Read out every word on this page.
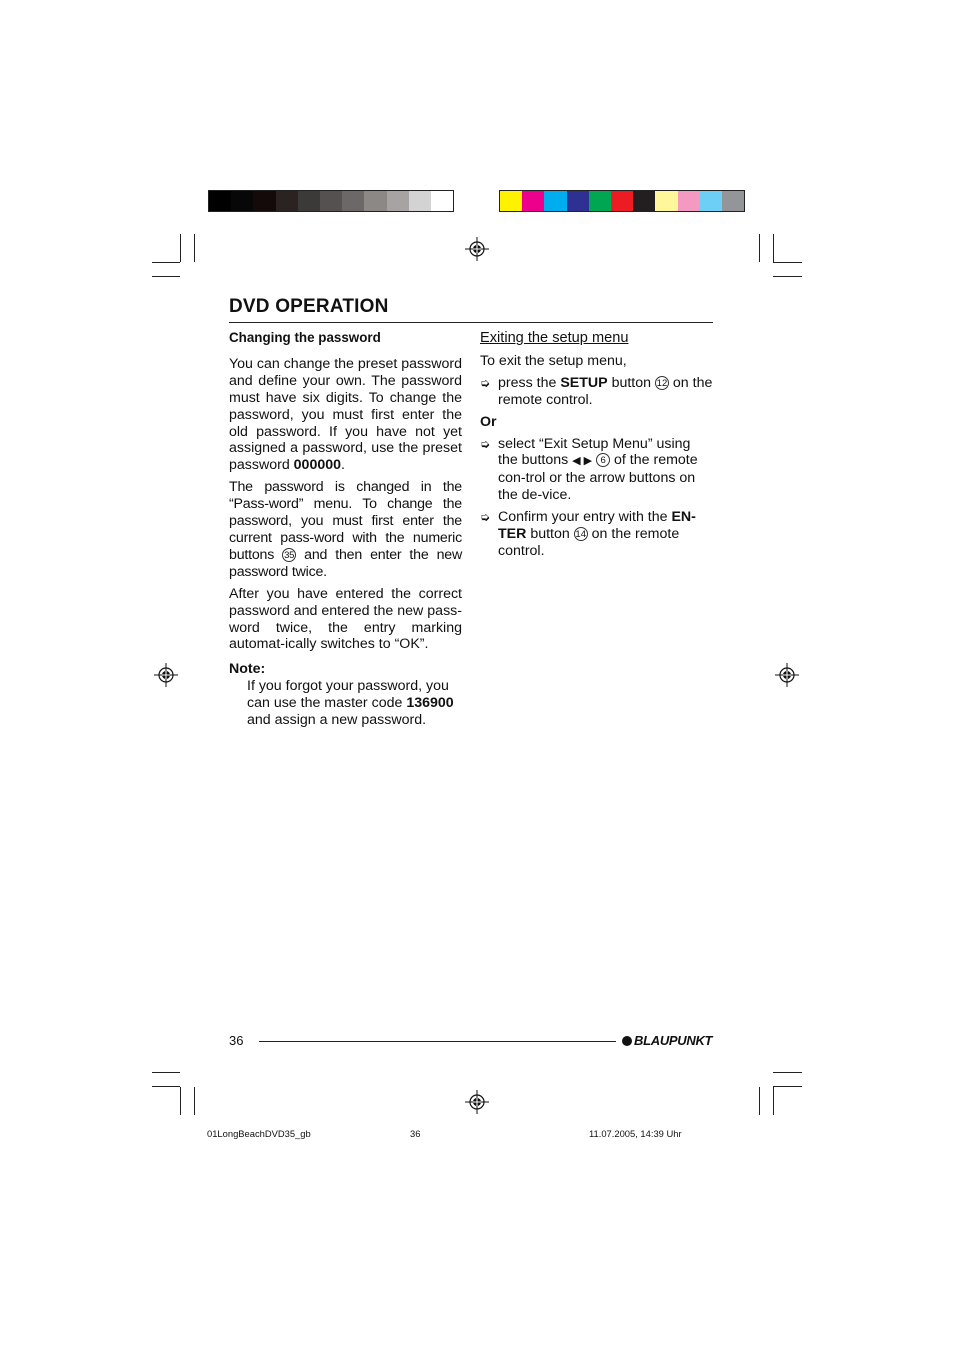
DVD OPERATION
Changing the password

You can change the preset password and define your own. The password must have six digits. To change the password, you must first enter the old password. If you have not yet assigned a password, use the preset password 000000.

The password is changed in the “Pass-word” menu. To change the password, you must first enter the current pass-word with the numeric buttons 35 and then enter the new password twice.

After you have entered the correct password and entered the new pass-word twice, the entry marking automat-ically switches to “OK”.

Note:
If you forgot your password, you can use the master code 136900 and assign a new password.
Exiting the setup menu

To exit the setup menu,

➭ press the SETUP button 12 on the remote control.
Or
➭ select “Exit Setup Menu” using the buttons ◀ ▶ 6 of the remote con-trol or the arrow buttons on the de-vice.
➭ Confirm your entry with the EN-TER button 14 on the remote control.
36	BLAUPUNKT
01LongBeachDVD35_gb	36	11.07.2005, 14:39 Uhr
